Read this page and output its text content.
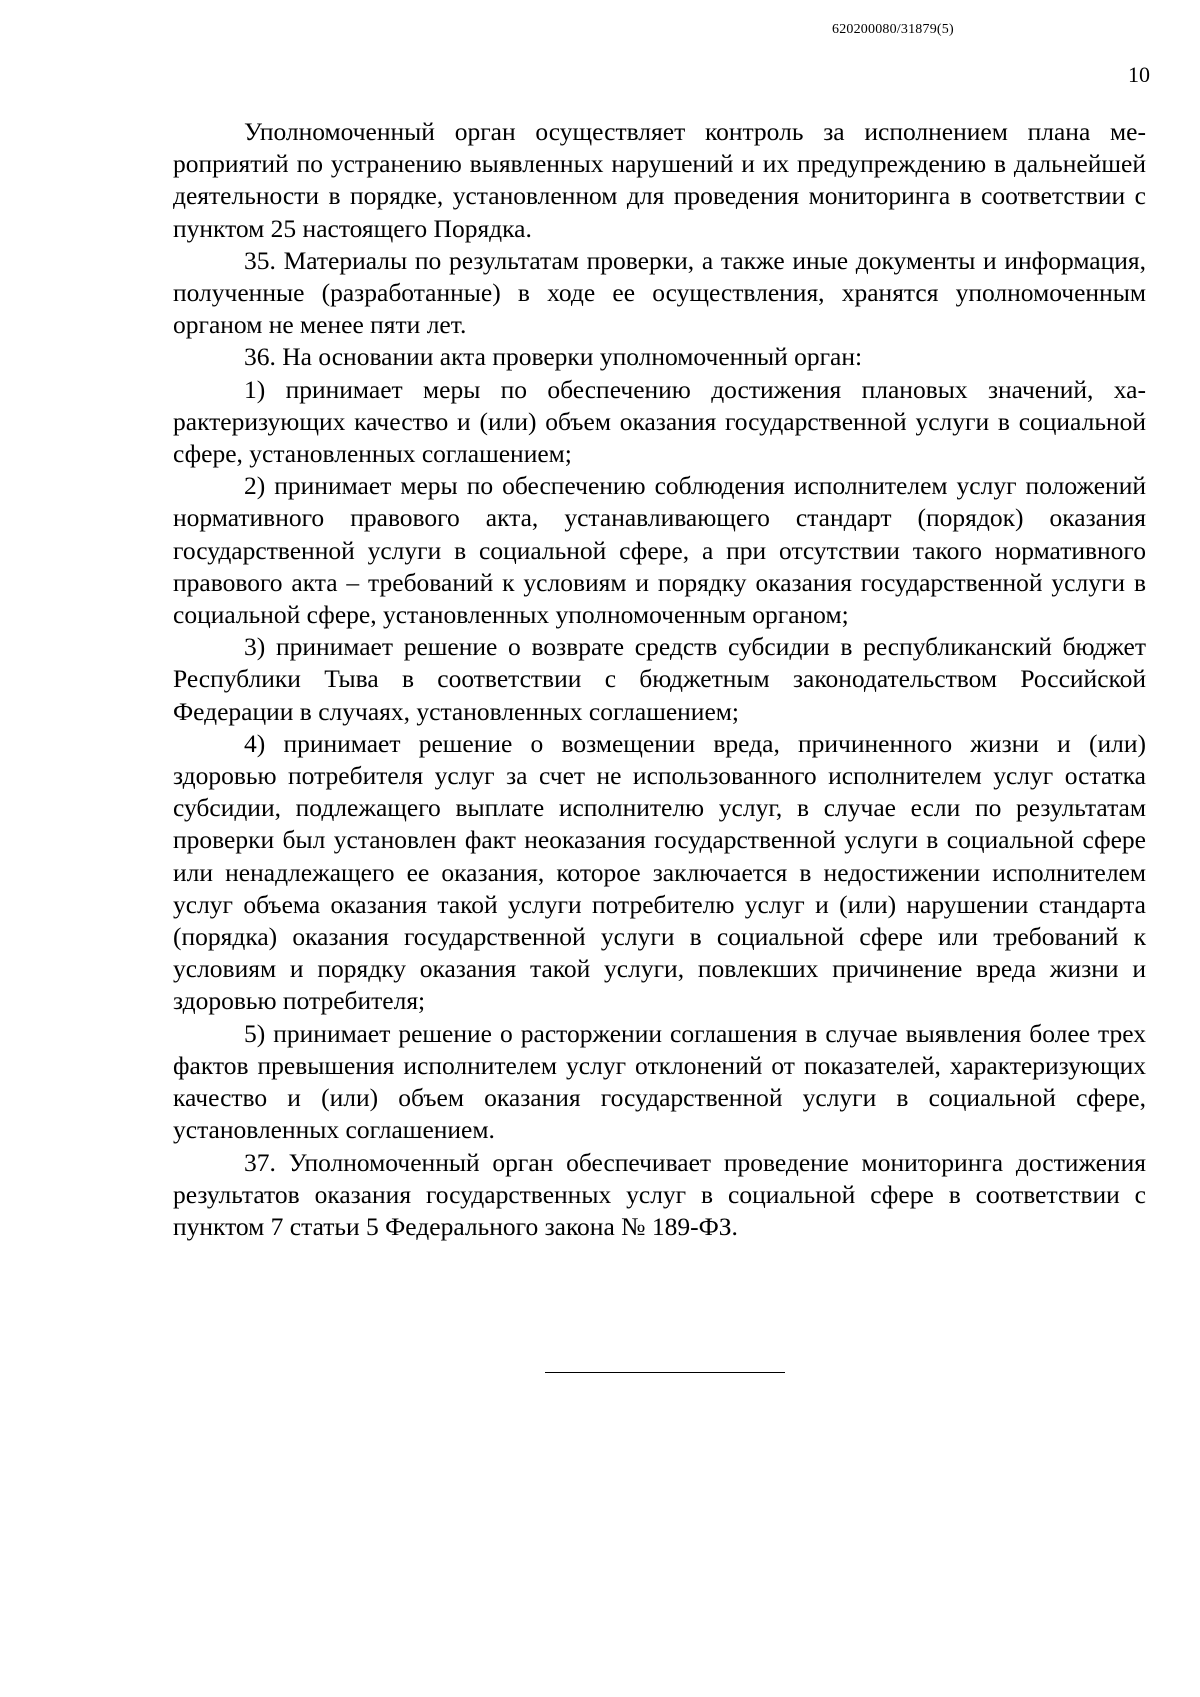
620200080/31879(5)
10

Уполномоченный орган осуществляет контроль за исполнением плана мероприятий по устранению выявленных нарушений и их предупреждению в дальнейшей деятельности в порядке, установленном для проведения мониторинга в соответствии с пунктом 25 настоящего Порядка.

35. Материалы по результатам проверки, а также иные документы и информация, полученные (разработанные) в ходе ее осуществления, хранятся уполномоченным органом не менее пяти лет.

36. На основании акта проверки уполномоченный орган:

1) принимает меры по обеспечению достижения плановых значений, характеризующих качество и (или) объем оказания государственной услуги в социальной сфере, установленных соглашением;

2) принимает меры по обеспечению соблюдения исполнителем услуг положений нормативного правового акта, устанавливающего стандарт (порядок) оказания государственной услуги в социальной сфере, а при отсутствии такого нормативного правового акта – требований к условиям и порядку оказания государственной услуги в социальной сфере, установленных уполномоченным органом;

3) принимает решение о возврате средств субсидии в республиканский бюджет Республики Тыва в соответствии с бюджетным законодательством Российской Федерации в случаях, установленных соглашением;

4) принимает решение о возмещении вреда, причиненного жизни и (или) здоровью потребителя услуг за счет не использованного исполнителем услуг остатка субсидии, подлежащего выплате исполнителю услуг, в случае если по результатам проверки был установлен факт неоказания государственной услуги в социальной сфере или ненадлежащего ее оказания, которое заключается в недостижении исполнителем услуг объема оказания такой услуги потребителю услуг и (или) нарушении стандарта (порядка) оказания государственной услуги в социальной сфере или требований к условиям и порядку оказания такой услуги, повлекших причинение вреда жизни и здоровью потребителя;

5) принимает решение о расторжении соглашения в случае выявления более трех фактов превышения исполнителем услуг отклонений от показателей, характеризующих качество и (или) объем оказания государственной услуги в социальной сфере, установленных соглашением.

37. Уполномоченный орган обеспечивает проведение мониторинга достижения результатов оказания государственных услуг в социальной сфере в соответствии с пунктом 7 статьи 5 Федерального закона № 189-ФЗ.
